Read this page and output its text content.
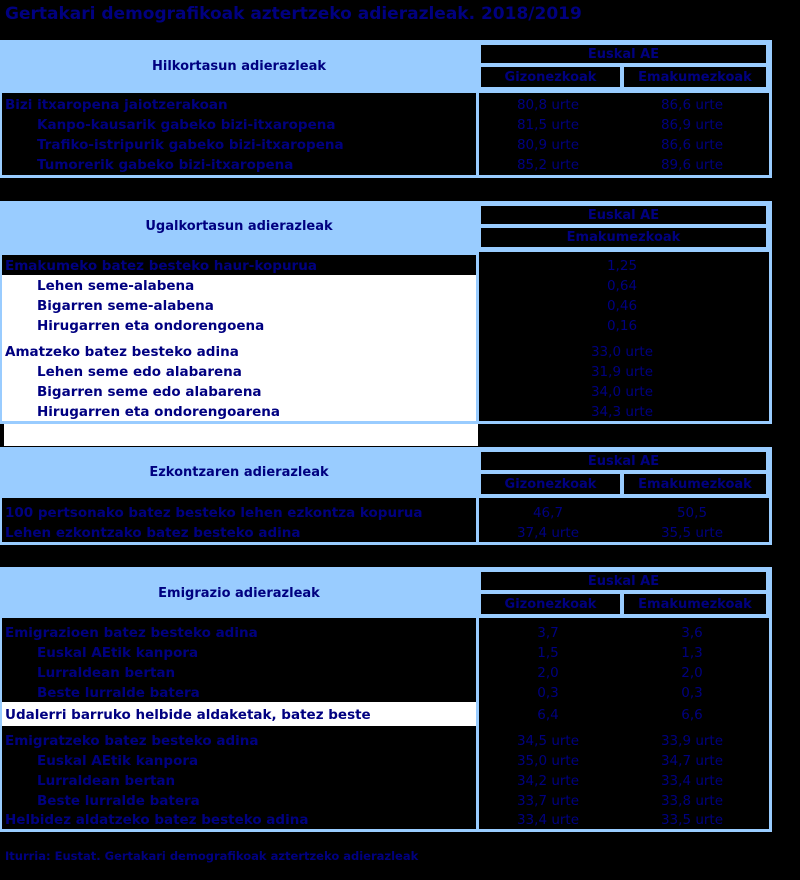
Gertakari demografikoak aztertzeko adierazleak. 2018/2019
Hilkortasun adierazleak
Euskal AE
Gizonezkoak	Emakumezkoak
Bizi itxaropena jaiotzerakoan	80,8 urte	86,6 urte
Kanpo-kausarik gabeko bizi-itxaropena	81,5 urte	86,9 urte
Trafiko-istripurik gabeko bizi-itxaropena	80,9 urte	86,6 urte
Tumorerik gabeko bizi-itxaropena	85,2 urte	89,6 urte
Ugalkortasun adierazleak
Euskal AE
Emakumezkoak
Emakumeko batez besteko haur-kopurua	1,25
Lehen seme-alabena	0,64
Bigarren seme-alabena	0,46
Hirugarren eta ondorengoena	0,16
Amatzeko batez besteko adina	33,0 urte
Lehen seme edo alabarena	31,9 urte
Bigarren seme edo alabarena	34,0 urte
Hirugarren eta ondorengoarena	34,3 urte
Ezkontzaren adierazleak
Euskal AE
Gizonezkoak	Emakumezkoak
100 pertsonako batez besteko lehen ezkontza kopurua	46,7	50,5
Lehen ezkontzako batez besteko adina	37,4 urte	35,5 urte
Emigrazio adierazleak
Euskal AE
Gizonezkoak	Emakumezkoak
Emigrazioen batez besteko adina	3,7	3,6
Euskal AEtik kanpora	1,5	1,3
Lurraldean bertan	2,0	2,0
Beste lurralde batera	0,3	0,3
Udalerri barruko helbide aldaketak, batez beste	6,4	6,6
Emigratzeko batez besteko adina	34,5 urte	33,9 urte
Euskal AEtik kanpora	35,0 urte	34,7 urte
Lurraldean bertan	34,2 urte	33,4 urte
Beste lurralde batera	33,7 urte	33,8 urte
Helbidez aldatzeko batez besteko adina	33,4 urte	33,5 urte
Iturria: Eustat. Gertakari demografikoak aztertzeko adierazleak
